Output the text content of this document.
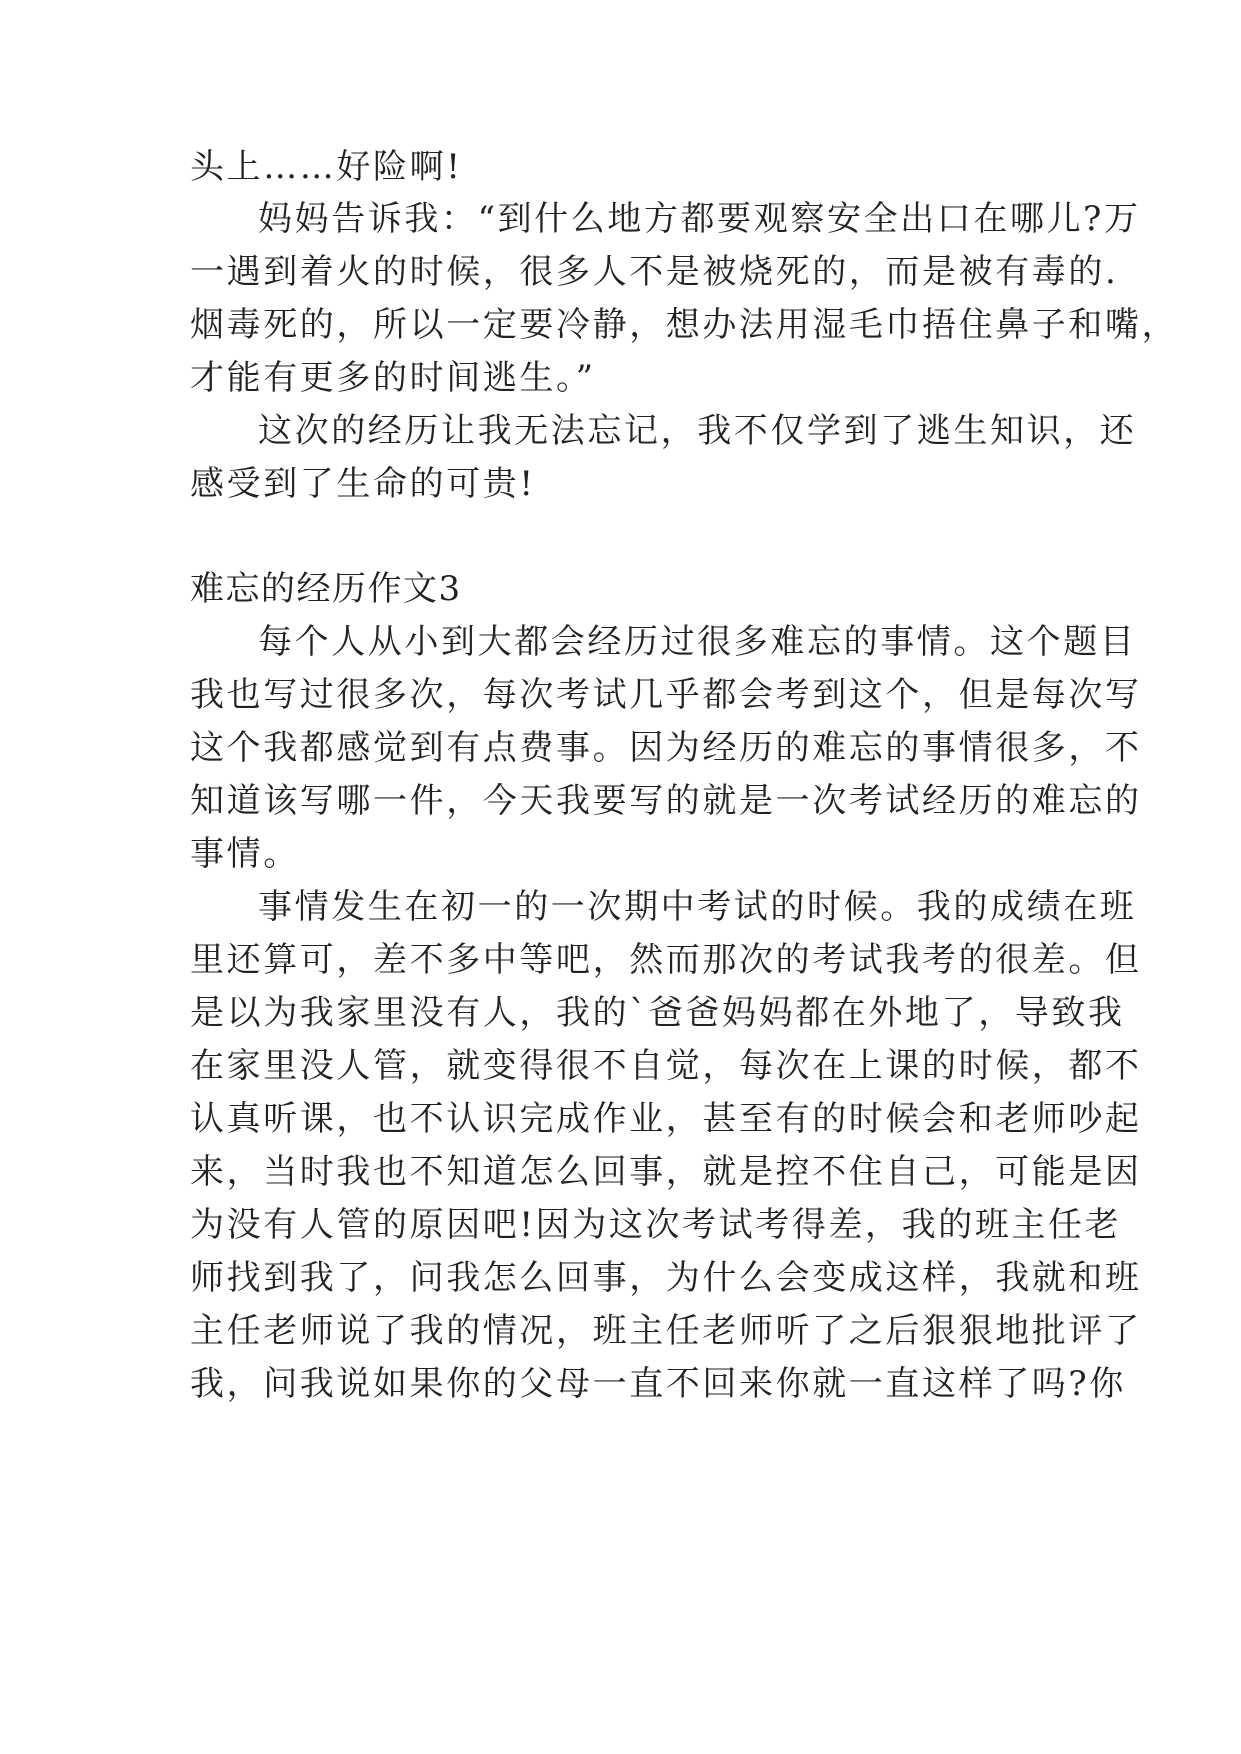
头上……好险啊!
妈妈告诉我：“到什么地方都要观察安全出口在哪儿?万
一遇到着火的时候，很多人不是被烧死的，而是被有毒的.
烟毒死的，所以一定要冷静，想办法用湿毛巾捂住鼻子和嘴，
才能有更多的时间逃生。”
这次的经历让我无法忘记，我不仅学到了逃生知识，还
感受到了生命的可贵!
难忘的经历作文3
每个人从小到大都会经历过很多难忘的事情。这个题目
我也写过很多次，每次考试几乎都会考到这个，但是每次写
这个我都感觉到有点费事。因为经历的难忘的事情很多，不
知道该写哪一件，今天我要写的就是一次考试经历的难忘的
事情。
事情发生在初一的一次期中考试的时候。我的成绩在班
里还算可，差不多中等吧，然而那次的考试我考的很差。但
是以为我家里没有人，我的`爸爸妈妈都在外地了，导致我
在家里没人管，就变得很不自觉，每次在上课的时候，都不
认真听课，也不认识完成作业，甚至有的时候会和老师吵起
来，当时我也不知道怎么回事，就是控不住自己，可能是因
为没有人管的原因吧!因为这次考试考得差，我的班主任老
师找到我了，问我怎么回事，为什么会变成这样，我就和班
主任老师说了我的情况，班主任老师听了之后狠狠地批评了
我，问我说如果你的父母一直不回来你就一直这样了吗?你
